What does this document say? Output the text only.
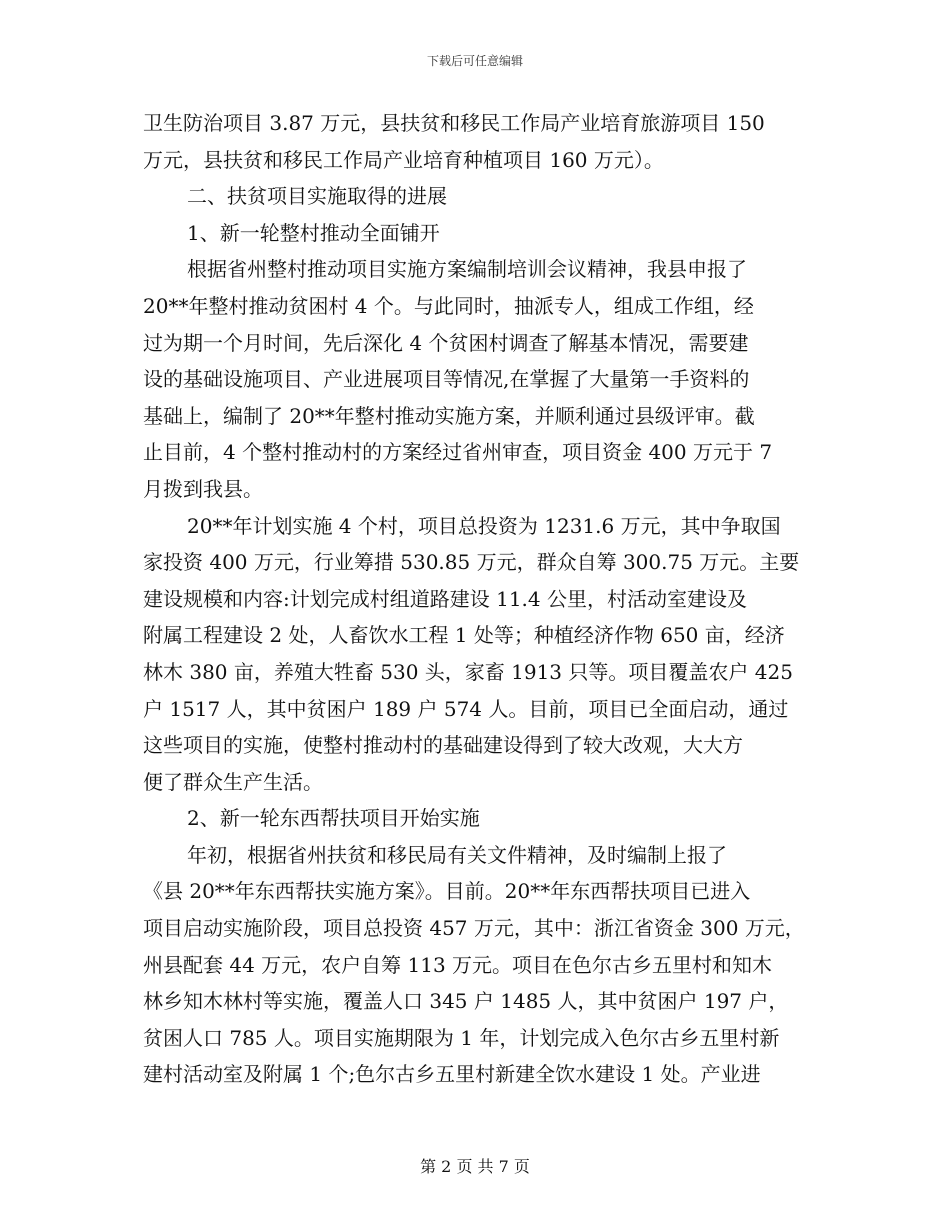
下载后可任意编辑
卫生防治项目 3.87 万元，县扶贫和移民工作局产业培育旅游项目 150
万元，县扶贫和移民工作局产业培育种植项目 160 万元）。
二、扶贫项目实施取得的进展
1、新一轮整村推动全面铺开
根据省州整村推动项目实施方案编制培训会议精神，我县申报了
20**年整村推动贫困村 4 个。与此同时，抽派专人，组成工作组，经
过为期一个月时间，先后深化 4 个贫困村调查了解基本情况，需要建
设的基础设施项目、产业进展项目等情况,在掌握了大量第一手资料的
基础上，编制了 20**年整村推动实施方案，并顺利通过县级评审。截
止目前，4 个整村推动村的方案经过省州审查，项目资金 400 万元于 7
月拨到我县。
20**年计划实施 4 个村，项目总投资为 1231.6 万元，其中争取国
家投资 400 万元，行业筹措 530.85 万元，群众自筹 300.75 万元。主要
建设规模和内容:计划完成村组道路建设 11.4 公里，村活动室建设及
附属工程建设 2 处，人畜饮水工程 1 处等；种植经济作物 650 亩，经济
林木 380 亩，养殖大牲畜 530 头，家畜 1913 只等。项目覆盖农户 425
户 1517 人，其中贫困户 189 户 574 人。目前，项目已全面启动，通过
这些项目的实施，使整村推动村的基础建设得到了较大改观，大大方
便了群众生产生活。
2、新一轮东西帮扶项目开始实施
年初，根据省州扶贫和移民局有关文件精神，及时编制上报了
《县 20**年东西帮扶实施方案》。目前。20**年东西帮扶项目已进入
项目启动实施阶段，项目总投资 457 万元，其中：浙江省资金 300 万元，
州县配套 44 万元，农户自筹 113 万元。项目在色尔古乡五里村和知木
林乡知木林村等实施，覆盖人口 345 户 1485 人，其中贫困户 197 户，
贫困人口 785 人。项目实施期限为 1 年，计划完成入色尔古乡五里村新
建村活动室及附属 1 个;色尔古乡五里村新建全饮水建设 1 处。产业进
第 2 页 共 7 页
